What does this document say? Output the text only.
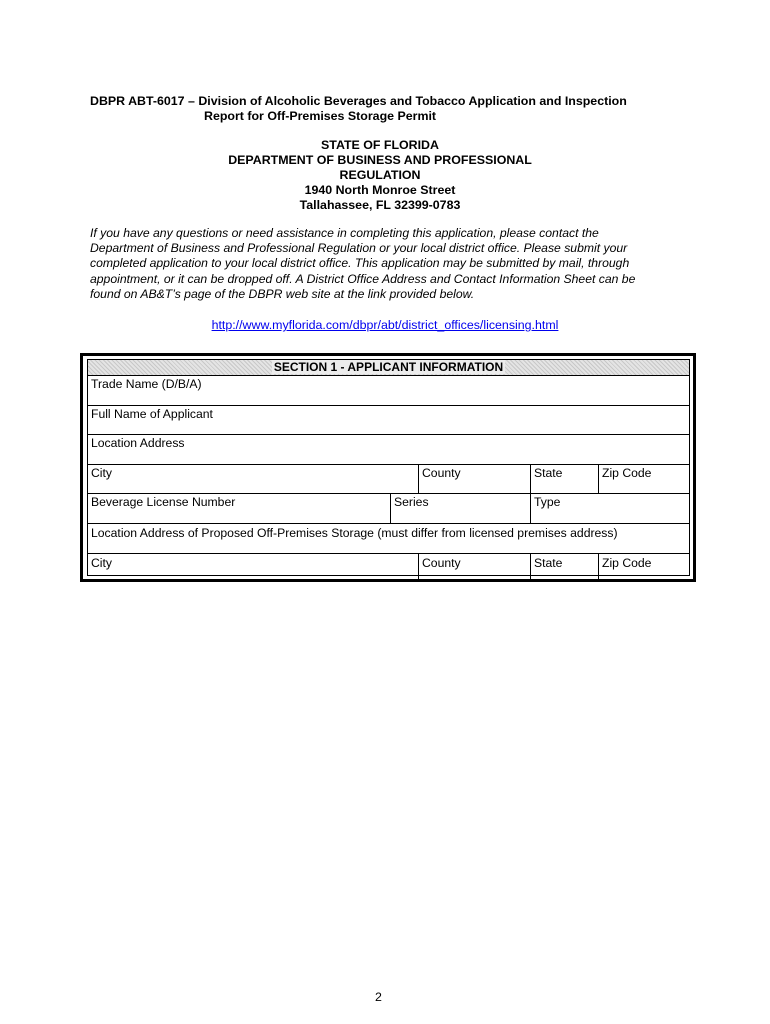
DBPR ABT-6017 – Division of Alcoholic Beverages and Tobacco Application and Inspection
Report for Off-Premises Storage Permit
STATE OF FLORIDA
DEPARTMENT OF BUSINESS AND PROFESSIONAL
REGULATION
1940 North Monroe Street
Tallahassee, FL 32399-0783
If you have any questions or need assistance in completing this application, please contact the
Department of Business and Professional Regulation or your local district office. Please submit your
completed application to your local district office. This application may be submitted by mail, through
appointment, or it can be dropped off. A District Office Address and Contact Information Sheet can be
found on AB&T’s page of the DBPR web site at the link provided below.
http://www.myflorida.com/dbpr/abt/district_offices/licensing.html
SECTION 1 - APPLICANT INFORMATION
Trade Name (D/B/A)
Full Name of Applicant
Location Address
City	County	State	Zip Code
Beverage License Number	Series	Type
Location Address of Proposed Off-Premises Storage (must differ from licensed premises address)
City	County	State	Zip Code
2
